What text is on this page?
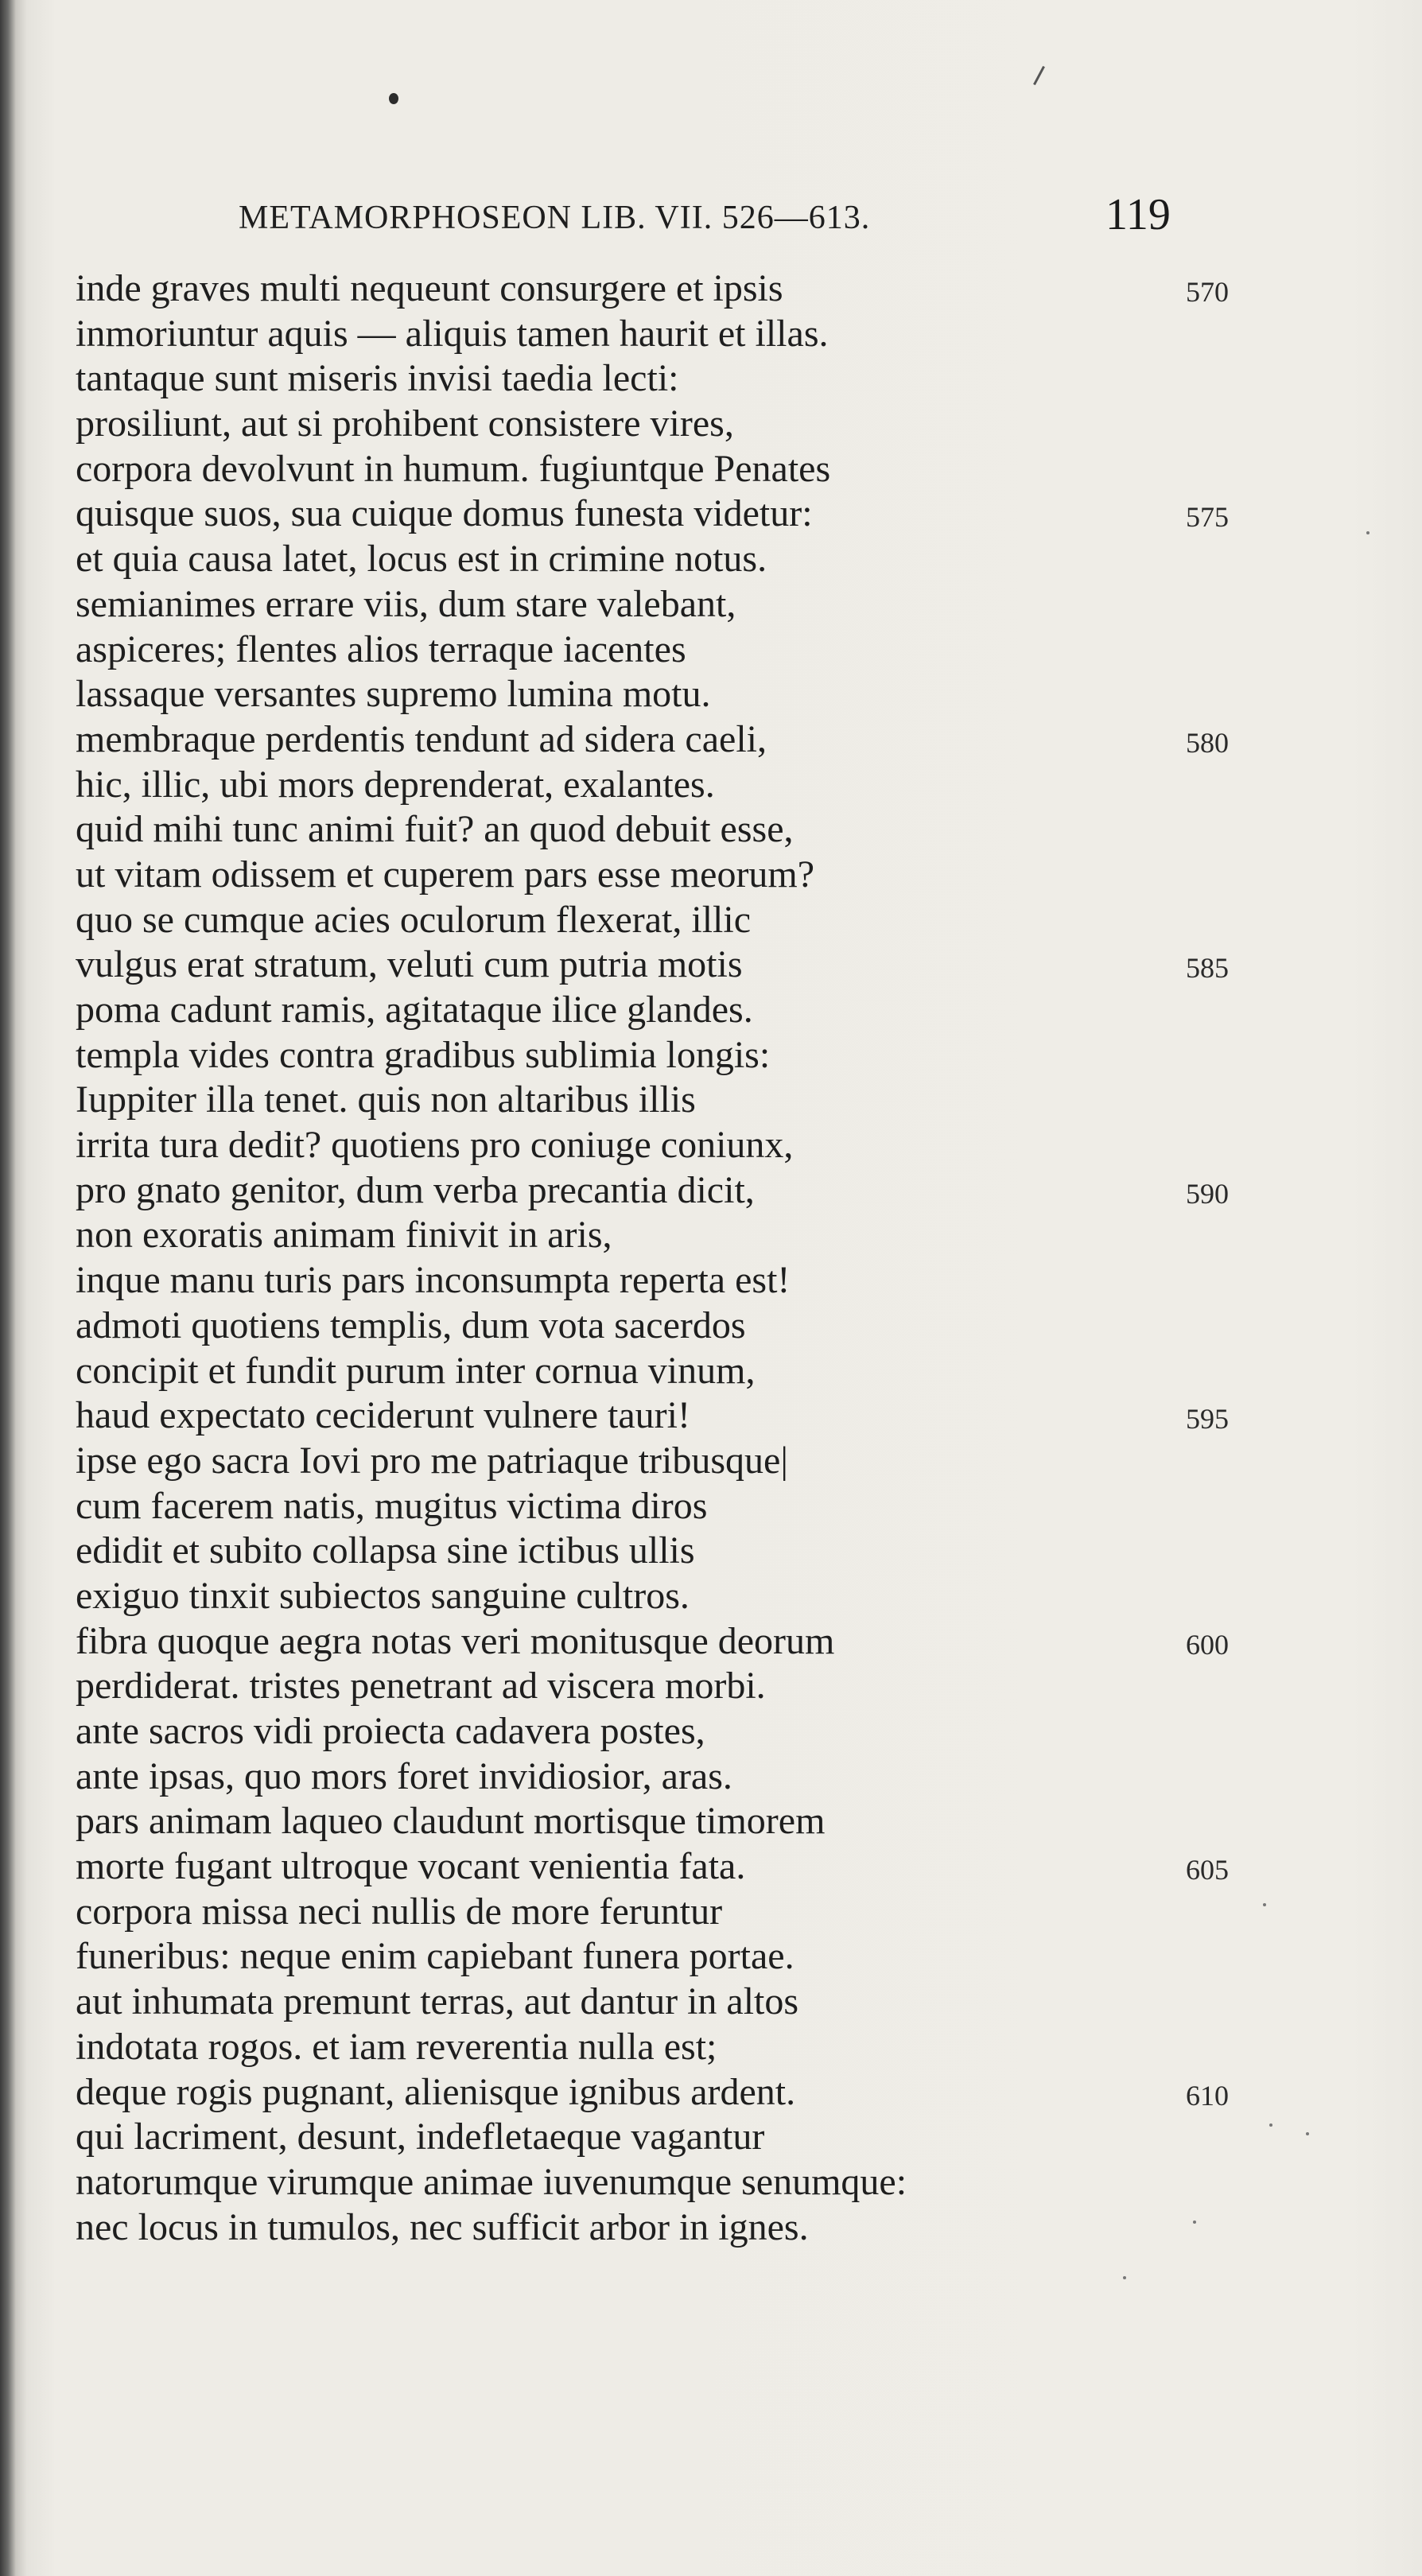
METAMORPHOSEON LIB. VII. 526—613.	119
inde graves multi nequeunt consurgere et ipsis	570
inmoriuntur aquis — aliquis tamen haurit et illas.
tantaque sunt miseris invisi taedia lecti:
prosiliunt, aut si prohibent consistere vires,
corpora devolvunt in humum. fugiuntque Penates
quisque suos, sua cuique domus funesta videtur:	575
et quia causa latet, locus est in crimine notus.
semianimes errare viis, dum stare valebant,
aspiceres; flentes alios terraque iacentes
lassaque versantes supremo lumina motu.
membraque perdentis tendunt ad sidera caeli,	580
hic, illic, ubi mors deprenderat, exalantes.
quid mihi tunc animi fuit? an quod debuit esse,
ut vitam odissem et cuperem pars esse meorum?
quo se cumque acies oculorum flexerat, illic
vulgus erat stratum, veluti cum putria motis	585
poma cadunt ramis, agitataque ilice glandes.
templa vides contra gradibus sublimia longis:
Iuppiter illa tenet. quis non altaribus illis
irrita tura dedit? quotiens pro coniuge coniunx,
pro gnato genitor, dum verba precantia dicit,	590
non exoratis animam finivit in aris,
inque manu turis pars inconsumpta reperta est!
admoti quotiens templis, dum vota sacerdos
concipit et fundit purum inter cornua vinum,
haud expectato ceciderunt vulnere tauri!	595
ipse ego sacra Iovi pro me patriaque tribusque|
cum facerem natis, mugitus victima diros
edidit et subito collapsa sine ictibus ullis
exiguo tinxit subiectos sanguine cultros.
fibra quoque aegra notas veri monitusque deorum	600
perdiderat. tristes penetrant ad viscera morbi.
ante sacros vidi proiecta cadavera postes,
ante ipsas, quo mors foret invidiosior, aras.
pars animam laqueo claudunt mortisque timorem
morte fugant ultroque vocant venientia fata.	605
corpora missa neci nullis de more feruntur
funeribus: neque enim capiebant funera portae.
aut inhumata premunt terras, aut dantur in altos
indotata rogos. et iam reverentia nulla est;
deque rogis pugnant, alienisque ignibus ardent.	610
qui lacriment, desunt, indefletaeque vagantur
natorumque virumque animae iuvenumque senumque:
nec locus in tumulos, nec sufficit arbor in ignes.
